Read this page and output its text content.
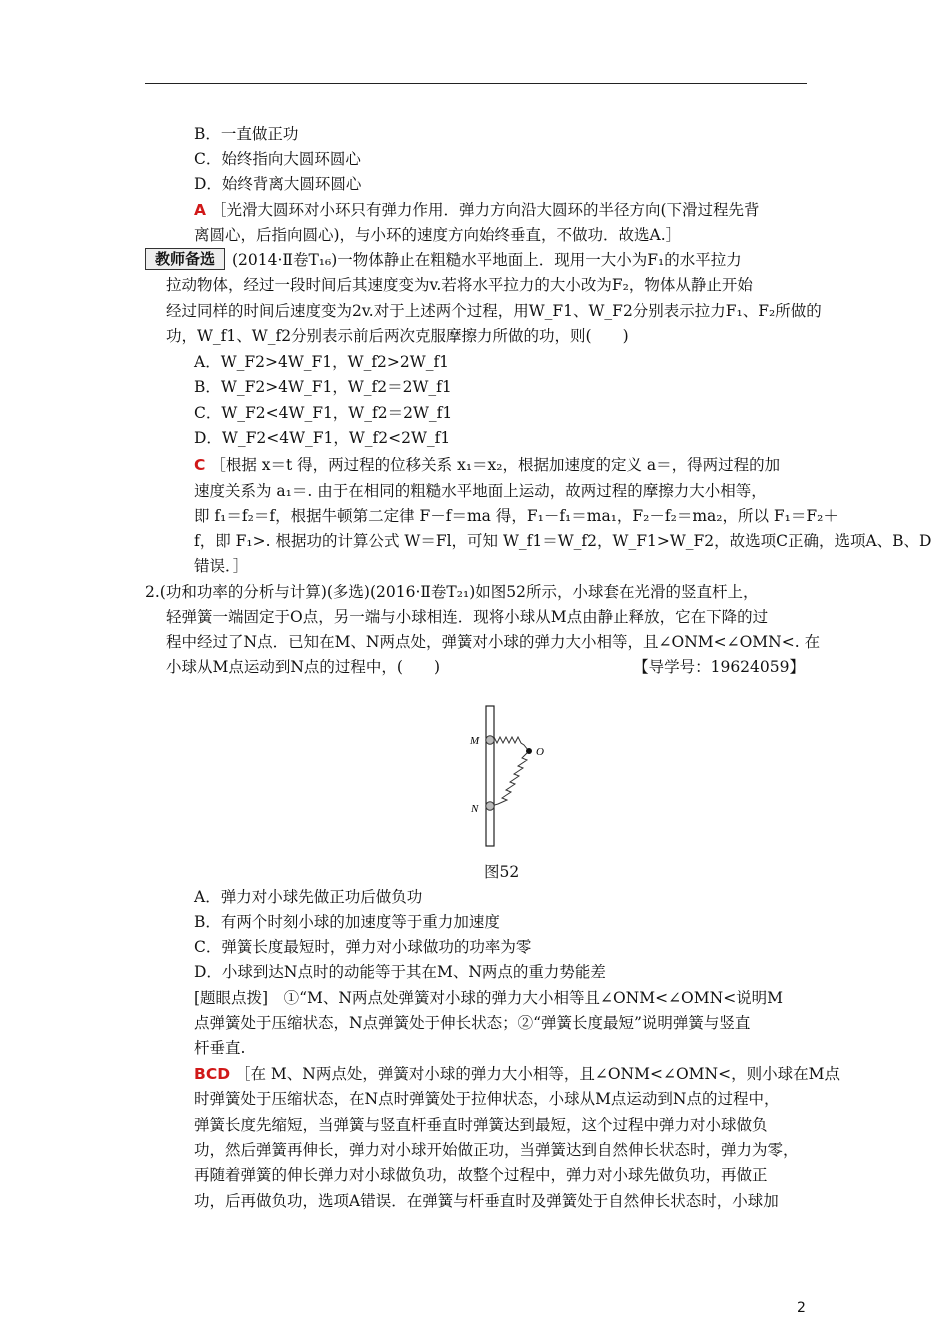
B．一直做正功
C．始终指向大圆环圆心
D．始终背离大圆环圆心
A ［光滑大圆环对小环只有弹力作用．弹力方向沿大圆环的半径方向(下滑过程先背
离圆心，后指向圆心)，与小环的速度方向始终垂直，不做功．故选A.］
教师备选	(2014·Ⅱ卷T₁₆)一物体静止在粗糙水平地面上．现用一大小为F₁的水平拉力
拉动物体，经过一段时间后其速度变为v.若将水平拉力的大小改为F₂，物体从静止开始
经过同样的时间后速度变为2v.对于上述两个过程，用W_F1、W_F2分别表示拉力F₁、F₂所做的
功，W_f1、W_f2分别表示前后两次克服摩擦力所做的功，则(　　)
A．W_F2>4W_F1，W_f2>2W_f1
B．W_F2>4W_F1，W_f2＝2W_f1
C．W_F2<4W_F1，W_f2＝2W_f1
D．W_F2<4W_F1，W_f2<2W_f1
C ［根据 x＝t 得，两过程的位移关系 x₁＝x₂，根据加速度的定义 a＝，得两过程的加
速度关系为 a₁＝. 由于在相同的粗糙水平地面上运动，故两过程的摩擦力大小相等，
即 f₁＝f₂＝f，根据牛顿第二定律 F－f＝ma 得，F₁－f₁＝ma₁，F₂－f₂＝ma₂，所以 F₁＝F₂＋
f，即 F₁>. 根据功的计算公式 W＝Fl，可知 W_f1＝W_f2，W_F1>W_F2，故选项C正确，选项A、B、D
错误．］
2.(功和功率的分析与计算)(多选)(2016·Ⅱ卷T₂₁)如图52所示，小球套在光滑的竖直杆上，
轻弹簧一端固定于O点，另一端与小球相连．现将小球从M点由静止释放，它在下降的过
程中经过了N点．已知在M、N两点处，弹簧对小球的弹力大小相等，且∠ONM<∠OMN<. 在
小球从M点运动到N点的过程中，(　　)	【导学号：19624059】
M
O
N
图52
A．弹力对小球先做正功后做负功
B．有两个时刻小球的加速度等于重力加速度
C．弹簧长度最短时，弹力对小球做功的功率为零
D．小球到达N点时的动能等于其在M、N两点的重力势能差
[题眼点拨]　①“M、N两点处弹簧对小球的弹力大小相等且∠ONM<∠OMN<说明M
点弹簧处于压缩状态，N点弹簧处于伸长状态；②“弹簧长度最短”说明弹簧与竖直
杆垂直.
BCD ［在 M、N两点处，弹簧对小球的弹力大小相等，且∠ONM<∠OMN<，则小球在M点
时弹簧处于压缩状态，在N点时弹簧处于拉伸状态，小球从M点运动到N点的过程中，
弹簧长度先缩短，当弹簧与竖直杆垂直时弹簧达到最短，这个过程中弹力对小球做负
功，然后弹簧再伸长，弹力对小球开始做正功，当弹簧达到自然伸长状态时，弹力为零，
再随着弹簧的伸长弹力对小球做负功，故整个过程中，弹力对小球先做负功，再做正
功，后再做负功，选项A错误．在弹簧与杆垂直时及弹簧处于自然伸长状态时，小球加
2
